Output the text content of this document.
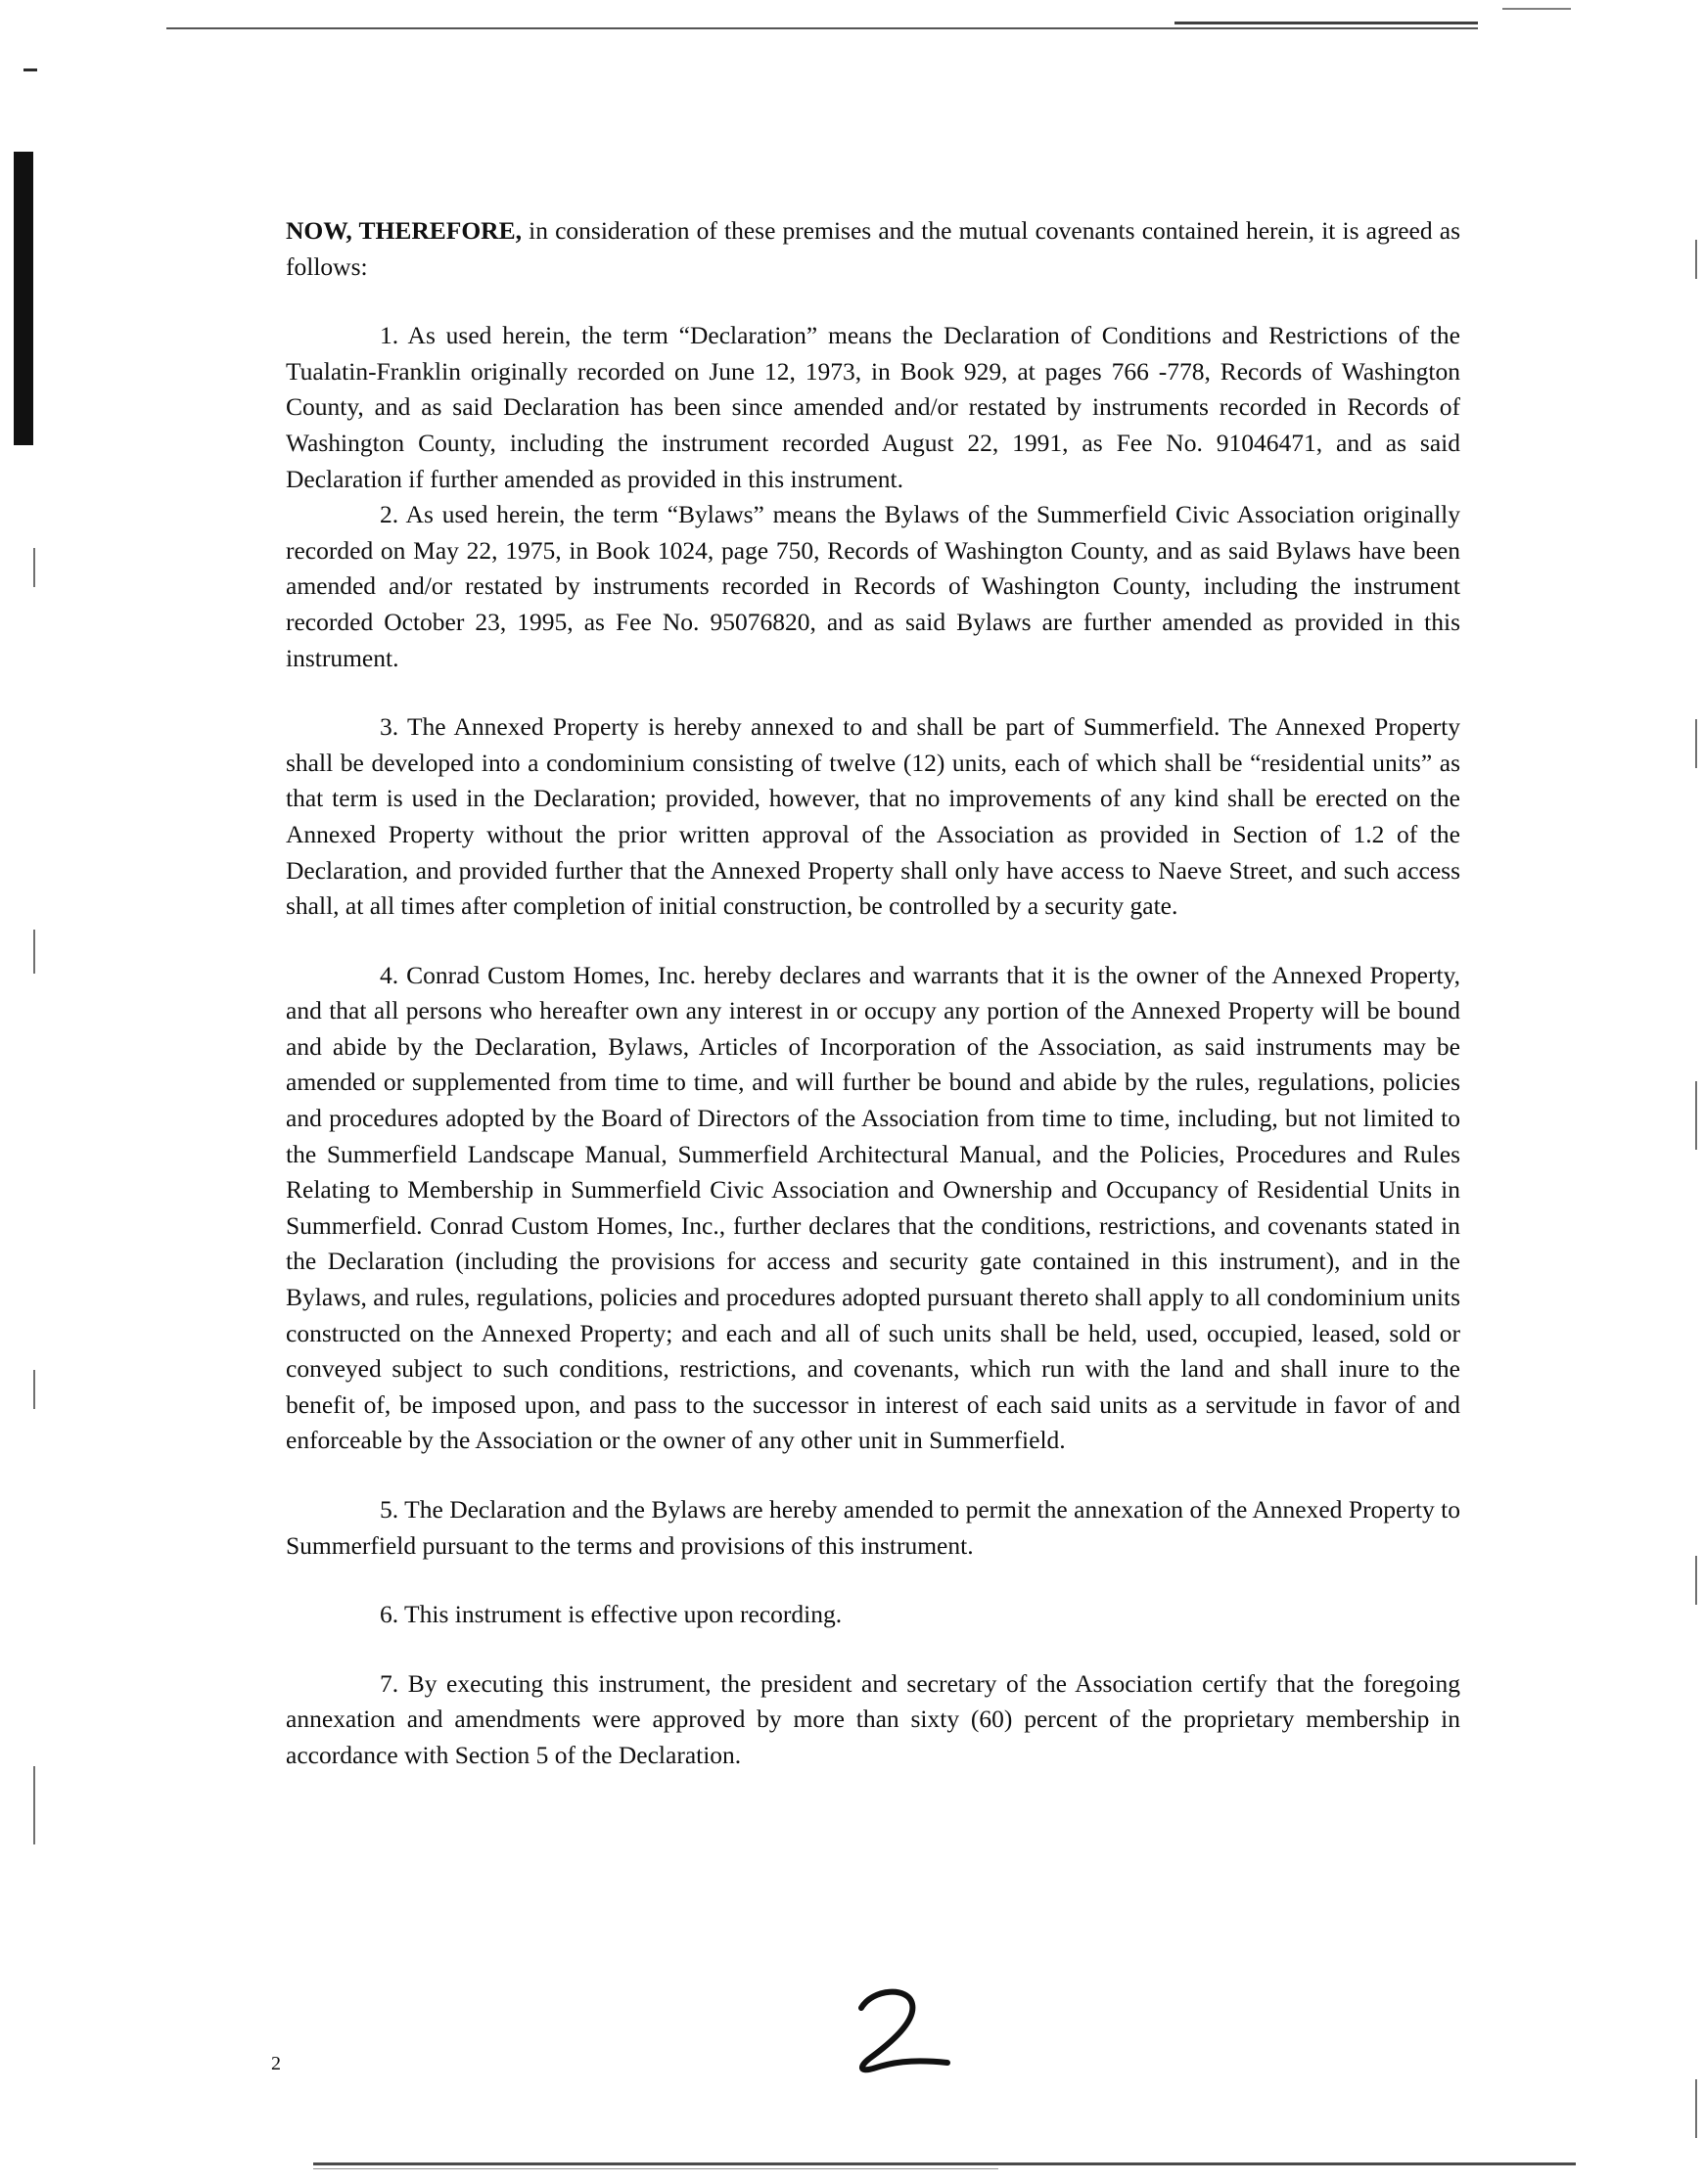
NOW, THEREFORE, in consideration of these premises and the mutual covenants contained herein, it is agreed as follows:

1. As used herein, the term “Declaration” means the Declaration of Conditions and Restrictions of the Tualatin-Franklin originally recorded on June 12, 1973, in Book 929, at pages 766 -778, Records of Washington County, and as said Declaration has been since amended and/or restated by instruments recorded in Records of Washington County, including the instrument recorded August 22, 1991, as Fee No. 91046471, and as said Declaration if further amended as provided in this instrument.

2. As used herein, the term “Bylaws” means the Bylaws of the Summerfield Civic Association originally recorded on May 22, 1975, in Book 1024, page 750, Records of Washington County, and as said Bylaws have been amended and/or restated by instruments recorded in Records of Washington County, including the instrument recorded October 23, 1995, as Fee No. 95076820, and as said Bylaws are further amended as provided in this instrument.

3. The Annexed Property is hereby annexed to and shall be part of Summerfield. The Annexed Property shall be developed into a condominium consisting of twelve (12) units, each of which shall be “residential units” as that term is used in the Declaration; provided, however, that no improvements of any kind shall be erected on the Annexed Property without the prior written approval of the Association as provided in Section of 1.2 of the Declaration, and provided further that the Annexed Property shall only have access to Naeve Street, and such access shall, at all times after completion of initial construction, be controlled by a security gate.

4. Conrad Custom Homes, Inc. hereby declares and warrants that it is the owner of the Annexed Property, and that all persons who hereafter own any interest in or occupy any portion of the Annexed Property will be bound and abide by the Declaration, Bylaws, Articles of Incorporation of the Association, as said instruments may be amended or supplemented from time to time, and will further be bound and abide by the rules, regulations, policies and procedures adopted by the Board of Directors of the Association from time to time, including, but not limited to the Summerfield Landscape Manual, Summerfield Architectural Manual, and the Policies, Procedures and Rules Relating to Membership in Summerfield Civic Association and Ownership and Occupancy of Residential Units in Summerfield. Conrad Custom Homes, Inc., further declares that the conditions, restrictions, and covenants stated in the Declaration (including the provisions for access and security gate contained in this instrument), and in the Bylaws, and rules, regulations, policies and procedures adopted pursuant thereto shall apply to all condominium units constructed on the Annexed Property; and each and all of such units shall be held, used, occupied, leased, sold or conveyed subject to such conditions, restrictions, and covenants, which run with the land and shall inure to the benefit of, be imposed upon, and pass to the successor in interest of each said units as a servitude in favor of and enforceable by the Association or the owner of any other unit in Summerfield.

5. The Declaration and the Bylaws are hereby amended to permit the annexation of the Annexed Property to Summerfield pursuant to the terms and provisions of this instrument.

6. This instrument is effective upon recording.

7. By executing this instrument, the president and secretary of the Association certify that the foregoing annexation and amendments were approved by more than sixty (60) percent of the proprietary membership in accordance with Section 5 of the Declaration.

2
